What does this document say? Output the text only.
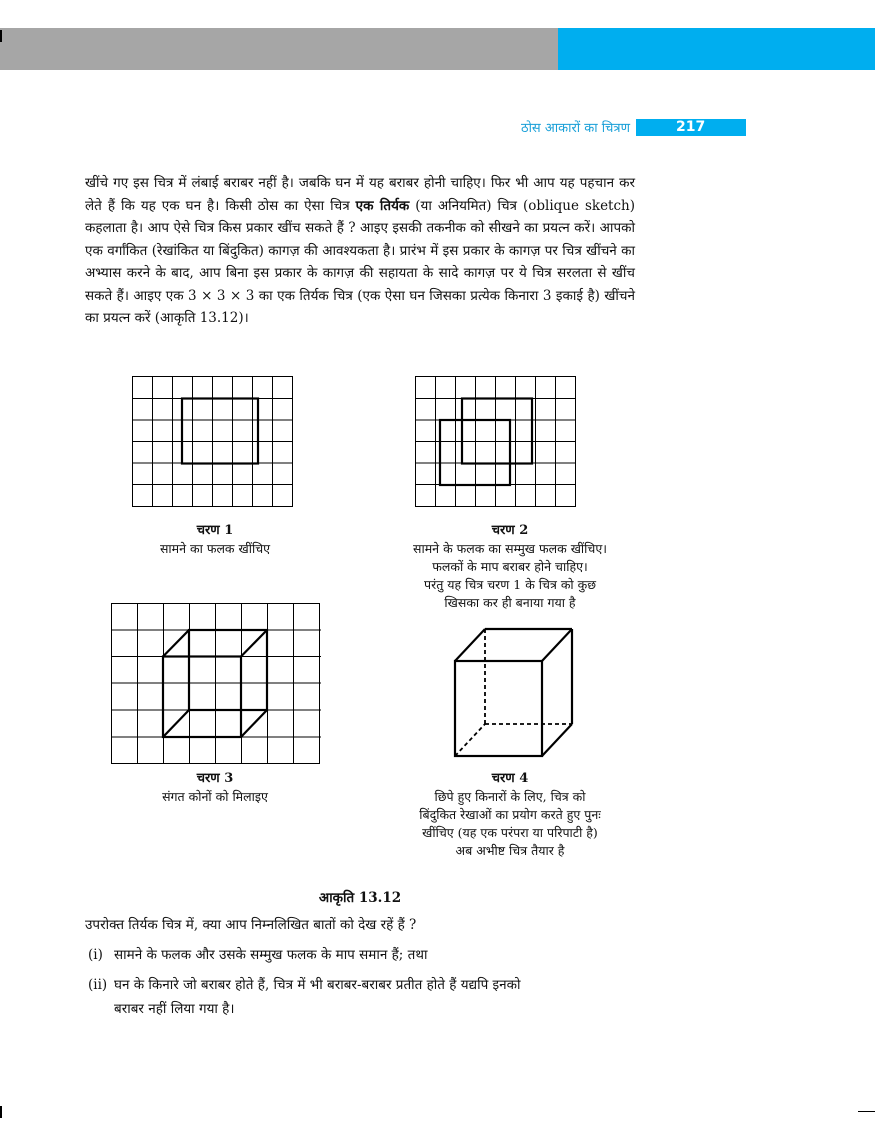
ठोस आकारों का चित्रण	217
खींचे गए इस चित्र में लंबाई बराबर नहीं है। जबकि घन में यह बराबर होनी चाहिए। फिर भी आप यह पहचान कर लेते हैं कि यह एक घन है। किसी ठोस का ऐसा चित्र एक तिर्यक (या अनियमित) चित्र (oblique sketch) कहलाता है। आप ऐसे चित्र किस प्रकार खींच सकते हैं ? आइए इसकी तकनीक को सीखने का प्रयत्न करें। आपको एक वर्गांकित (रेखांकित या बिंदुकित) कागज़ की आवश्यकता है। प्रारंभ में इस प्रकार के कागज़ पर चित्र खींचने का अभ्यास करने के बाद, आप बिना इस प्रकार के कागज़ की सहायता के सादे कागज़ पर ये चित्र सरलता से खींच सकते हैं। आइए एक 3 × 3 × 3 का एक तिर्यक चित्र (एक ऐसा घन जिसका प्रत्येक किनारा 3 इकाई है) खींचने का प्रयत्न करें (आकृति 13.12)।
चरण 1
सामने का फलक खींचिए
चरण 2
सामने के फलक का सम्मुख फलक खींचिए।
फलकों के माप बराबर होने चाहिए।
परंतु यह चित्र चरण 1 के चित्र को कुछ
खिसका कर ही बनाया गया है
चरण 3
संगत कोनों को मिलाइए
चरण 4
छिपे हुए किनारों के लिए, चित्र को
बिंदुकित रेखाओं का प्रयोग करते हुए पुनः
खींचिए (यह एक परंपरा या परिपाटी है)
अब अभीष्ट चित्र तैयार है
आकृति 13.12
उपरोक्त तिर्यक चित्र में, क्या आप निम्नलिखित बातों को देख रहें हैं ?
(i) सामने के फलक और उसके सम्मुख फलक के माप समान हैं; तथा
(ii) घन के किनारे जो बराबर होते हैं, चित्र में भी बराबर-बराबर प्रतीत होते हैं यद्यपि इनको
बराबर नहीं लिया गया है।
